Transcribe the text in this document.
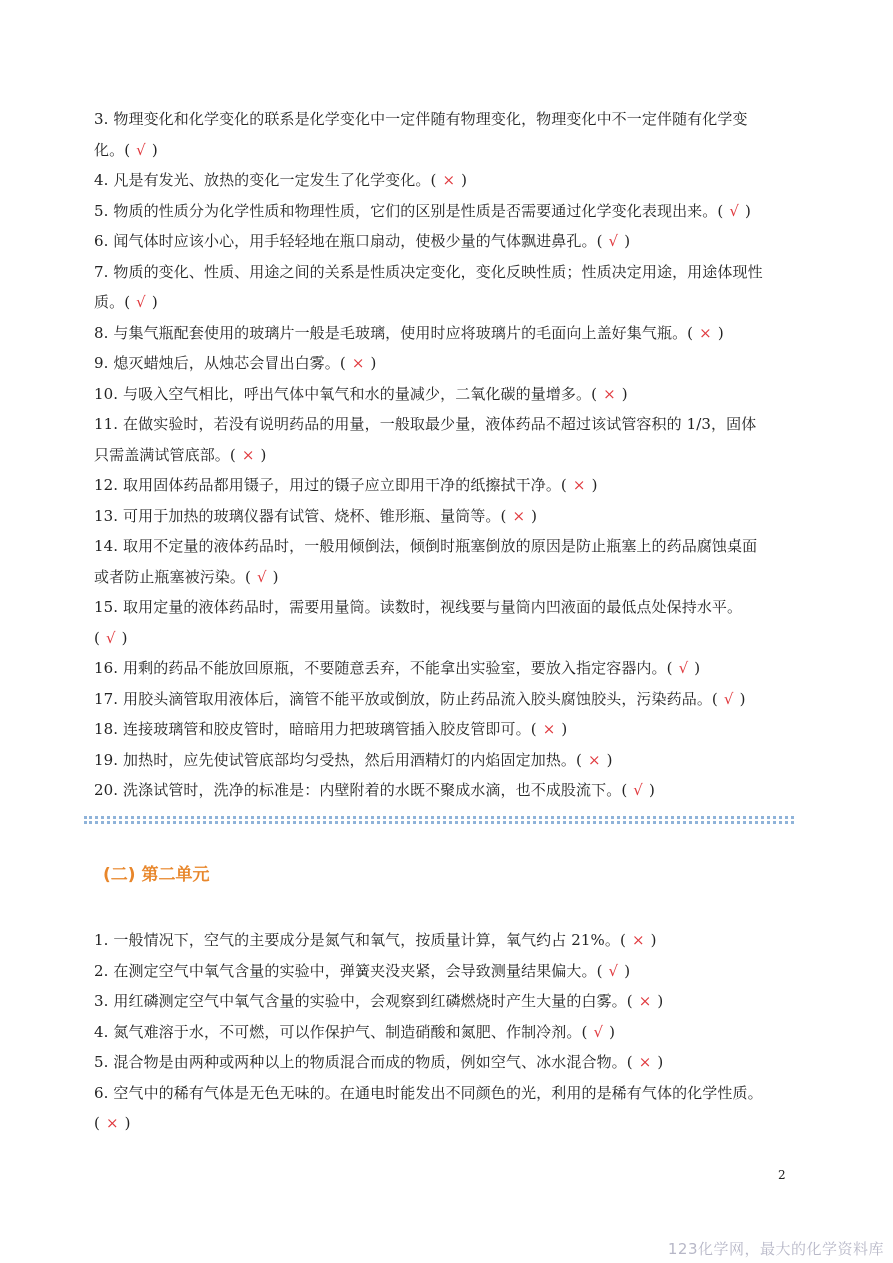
3. 物理变化和化学变化的联系是化学变化中一定伴随有物理变化，物理变化中不一定伴随有化学变
化。( √ )
4. 凡是有发光、放热的变化一定发生了化学变化。( × )
5. 物质的性质分为化学性质和物理性质，它们的区别是性质是否需要通过化学变化表现出来。( √ )
6. 闻气体时应该小心，用手轻轻地在瓶口扇动，使极少量的气体飘进鼻孔。( √ )
7. 物质的变化、性质、用途之间的关系是性质决定变化，变化反映性质；性质决定用途，用途体现性
质。( √ )
8. 与集气瓶配套使用的玻璃片一般是毛玻璃，使用时应将玻璃片的毛面向上盖好集气瓶。( × )
9. 熄灭蜡烛后，从烛芯会冒出白雾。( × )
10. 与吸入空气相比，呼出气体中氧气和水的量减少，二氧化碳的量增多。( × )
11. 在做实验时，若没有说明药品的用量，一般取最少量，液体药品不超过该试管容积的 1/3，固体
只需盖满试管底部。( × )
12. 取用固体药品都用镊子，用过的镊子应立即用干净的纸擦拭干净。( × )
13. 可用于加热的玻璃仪器有试管、烧杯、锥形瓶、量筒等。( × )
14. 取用不定量的液体药品时，一般用倾倒法，倾倒时瓶塞倒放的原因是防止瓶塞上的药品腐蚀桌面
或者防止瓶塞被污染。( √ )
15. 取用定量的液体药品时，需要用量筒。读数时，视线要与量筒内凹液面的最低点处保持水平。
( √ )
16. 用剩的药品不能放回原瓶，不要随意丢弃，不能拿出实验室，要放入指定容器内。( √ )
17. 用胶头滴管取用液体后，滴管不能平放或倒放，防止药品流入胶头腐蚀胶头，污染药品。( √ )
18. 连接玻璃管和胶皮管时，暗暗用力把玻璃管插入胶皮管即可。( × )
19. 加热时，应先使试管底部均匀受热，然后用酒精灯的内焰固定加热。( × )
20. 洗涤试管时，洗净的标准是：内壁附着的水既不聚成水滴，也不成股流下。( √ )
(二) 第二单元
1. 一般情况下，空气的主要成分是氮气和氧气，按质量计算，氧气约占 21%。( × )
2. 在测定空气中氧气含量的实验中，弹簧夹没夹紧，会导致测量结果偏大。( √ )
3. 用红磷测定空气中氧气含量的实验中，会观察到红磷燃烧时产生大量的白雾。( × )
4. 氮气难溶于水，不可燃，可以作保护气、制造硝酸和氮肥、作制冷剂。( √ )
5. 混合物是由两种或两种以上的物质混合而成的物质，例如空气、冰水混合物。( × )
6. 空气中的稀有气体是无色无味的。在通电时能发出不同颜色的光，利用的是稀有气体的化学性质。
( × )
2
123化学网，最大的化学资料库
